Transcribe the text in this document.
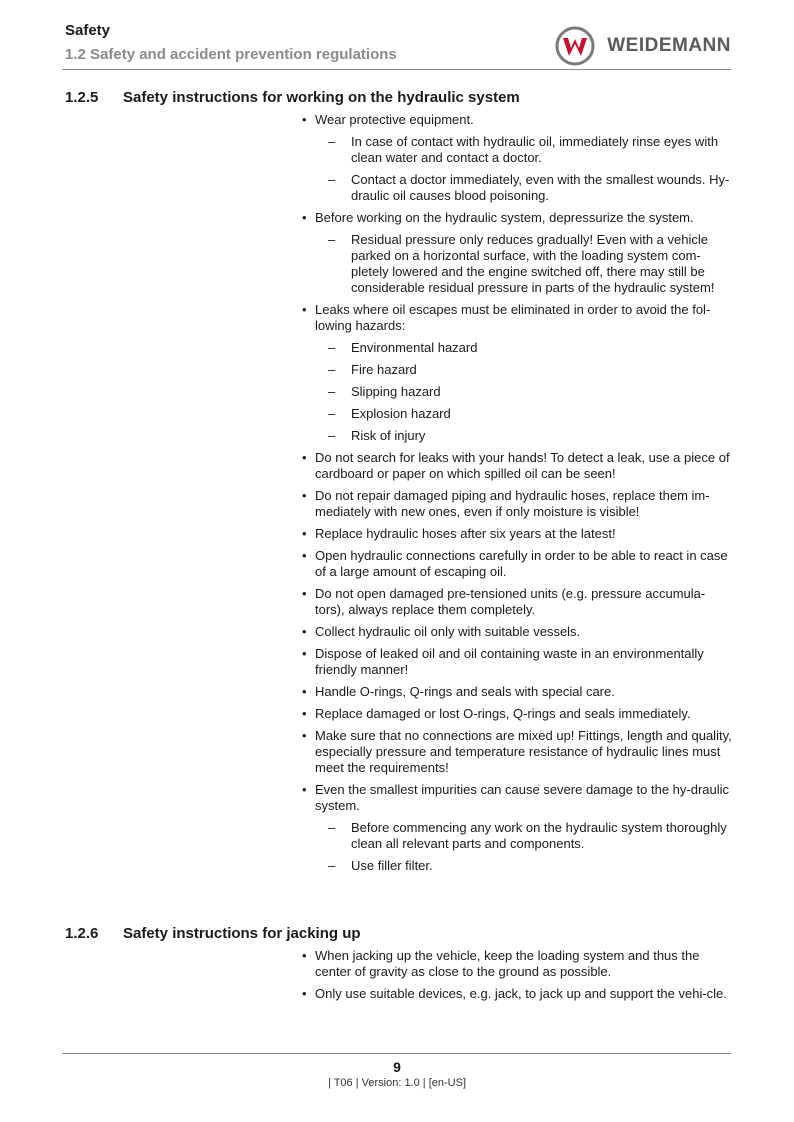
Safety
1.2 Safety and accident prevention regulations	WEIDEMANN
1.2.5	Safety instructions for working on the hydraulic system
• Wear protective equipment.
– In case of contact with hydraulic oil, immediately rinse eyes with clean water and contact a doctor.
– Contact a doctor immediately, even with the smallest wounds. Hy-draulic oil causes blood poisoning.
• Before working on the hydraulic system, depressurize the system.
– Residual pressure only reduces gradually! Even with a vehicle parked on a horizontal surface, with the loading system com-pletely lowered and the engine switched off, there may still be considerable residual pressure in parts of the hydraulic system!
• Leaks where oil escapes must be eliminated in order to avoid the fol-lowing hazards:
– Environmental hazard
– Fire hazard
– Slipping hazard
– Explosion hazard
– Risk of injury
• Do not search for leaks with your hands! To detect a leak, use a piece of cardboard or paper on which spilled oil can be seen!
• Do not repair damaged piping and hydraulic hoses, replace them im-mediately with new ones, even if only moisture is visible!
• Replace hydraulic hoses after six years at the latest!
• Open hydraulic connections carefully in order to be able to react in case of a large amount of escaping oil.
• Do not open damaged pre-tensioned units (e.g. pressure accumula-tors), always replace them completely.
• Collect hydraulic oil only with suitable vessels.
• Dispose of leaked oil and oil containing waste in an environmentally friendly manner!
• Handle O-rings, Q-rings and seals with special care.
• Replace damaged or lost O-rings, Q-rings and seals immediately.
• Make sure that no connections are mixed up! Fittings, length and quality, especially pressure and temperature resistance of hydraulic lines must meet the requirements!
• Even the smallest impurities can cause severe damage to the hy-draulic system.
– Before commencing any work on the hydraulic system thoroughly clean all relevant parts and components.
– Use filler filter.
1.2.6	Safety instructions for jacking up
• When jacking up the vehicle, keep the loading system and thus the center of gravity as close to the ground as possible.
• Only use suitable devices, e.g. jack, to jack up and support the vehi-cle.
9
| T06 | Version: 1.0 | [en-US]
